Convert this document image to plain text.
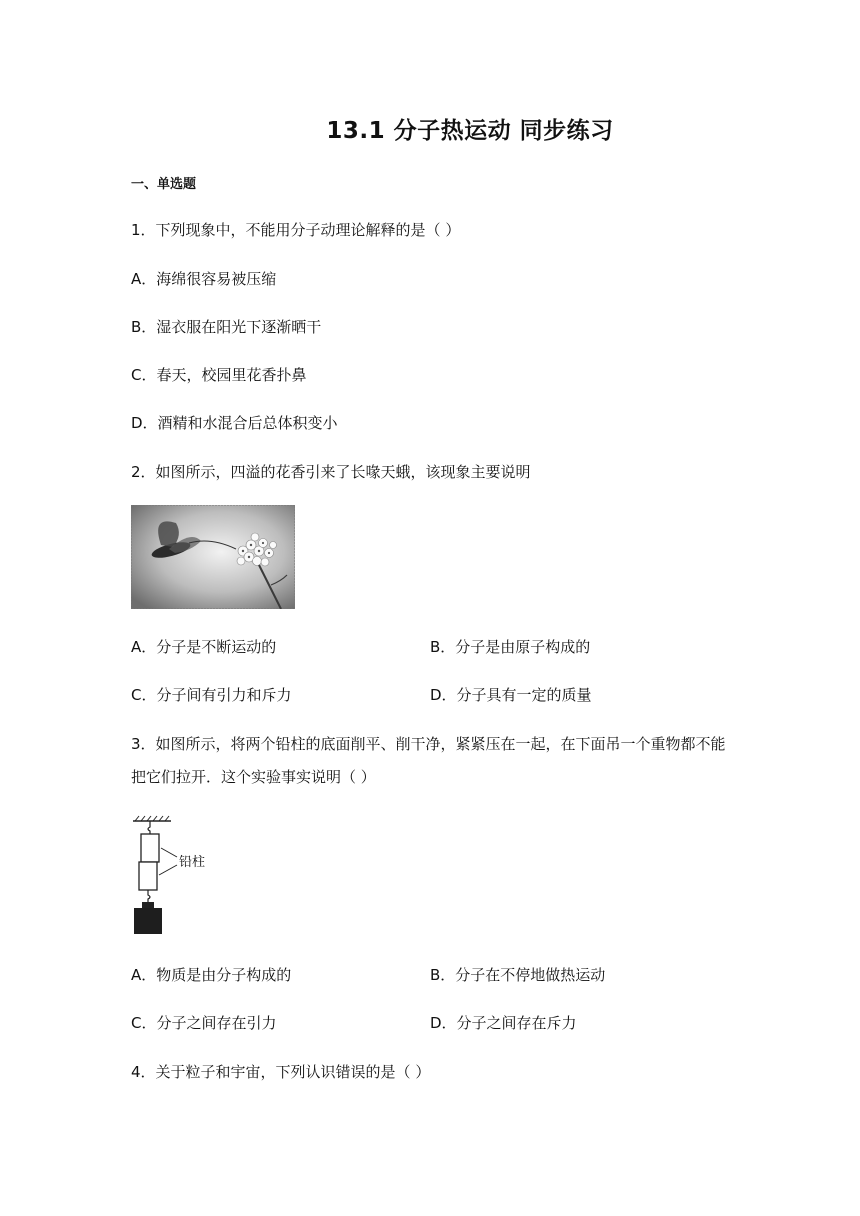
13.1 分子热运动 同步练习
一、单选题
1．下列现象中，不能用分子动理论解释的是（ ）
A．海绵很容易被压缩
B．湿衣服在阳光下逐渐晒干
C．春天，校园里花香扑鼻
D．酒精和水混合后总体积变小
2．如图所示，四溢的花香引来了长喙天蛾，该现象主要说明
A．分子是不断运动的	B．分子是由原子构成的
C．分子间有引力和斥力	D．分子具有一定的质量
3．如图所示，将两个铅柱的底面削平、削干净，紧紧压在一起，在下面吊一个重物都不能
把它们拉开．这个实验事实说明（ ）
铅柱
A．物质是由分子构成的	B．分子在不停地做热运动
C．分子之间存在引力	D．分子之间存在斥力
4．关于粒子和宇宙，下列认识错误的是（ ）
